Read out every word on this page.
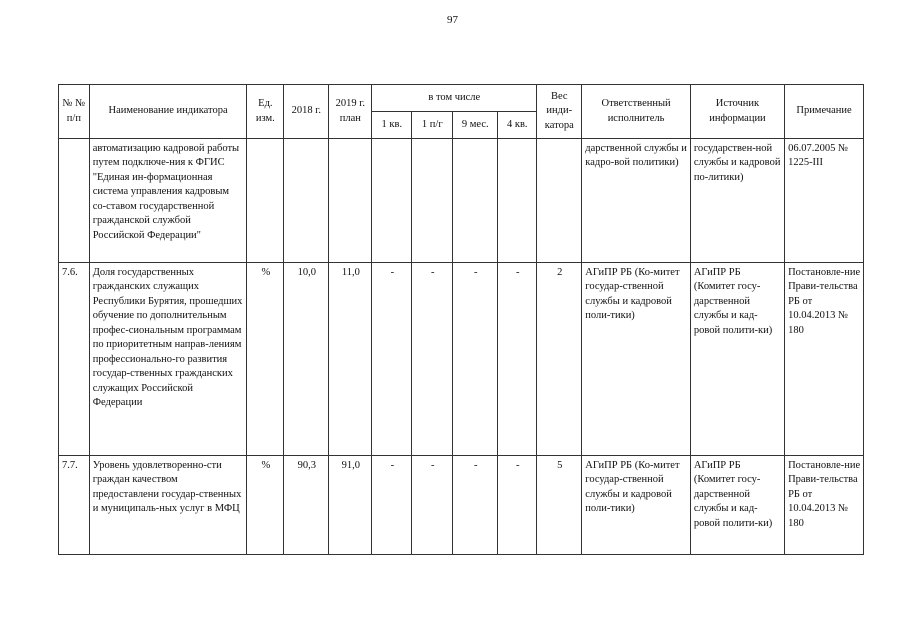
97
№ № п/п	Наименование индикатора	Ед. изм.	2018 г.	2019 г. план	в том числе				Вес инди-катора	Ответственный исполнитель	Источник информации	Примечание
					1 кв.	1 п/г	9 мес.	4 кв.				
	автоматизацию кадровой работы путем подключе-ния к ФГИС "Единая ин-формационная система управления кадровым со-ставом государственной гражданской службой Российской Федерации"									дарственной службы и кадро-вой политики)	государствен-ной службы и кадровой по-литики)	06.07.2005 № 1225-III
7.6.	Доля государственных гражданских служащих Республики Бурятия, прошедших обучение по дополнительным профес-сиональным программам по приоритетным направ-лениям профессионально-го развития государ-ственных гражданских служащих Российской Федерации	%	10,0	11,0	-	-	-	-	2	АГиПР РБ (Ко-митет государ-ственной службы и кадровой поли-тики)	АГиПР РБ (Комитет госу-дарственной службы и кад-ровой полити-ки)	Постановле-ние Прави-тельства РБ от 10.04.2013 № 180
7.7.	Уровень удовлетворенно-сти граждан качеством предоставлени государ-ственных и муниципаль-ных услуг в МФЦ	%	90,3	91,0	-	-	-	-	5	АГиПР РБ (Ко-митет государ-ственной службы и кадровой поли-тики)	АГиПР РБ (Комитет госу-дарственной службы и кад-ровой полити-ки)	Постановле-ние Прави-тельства РБ от 10.04.2013 № 180
